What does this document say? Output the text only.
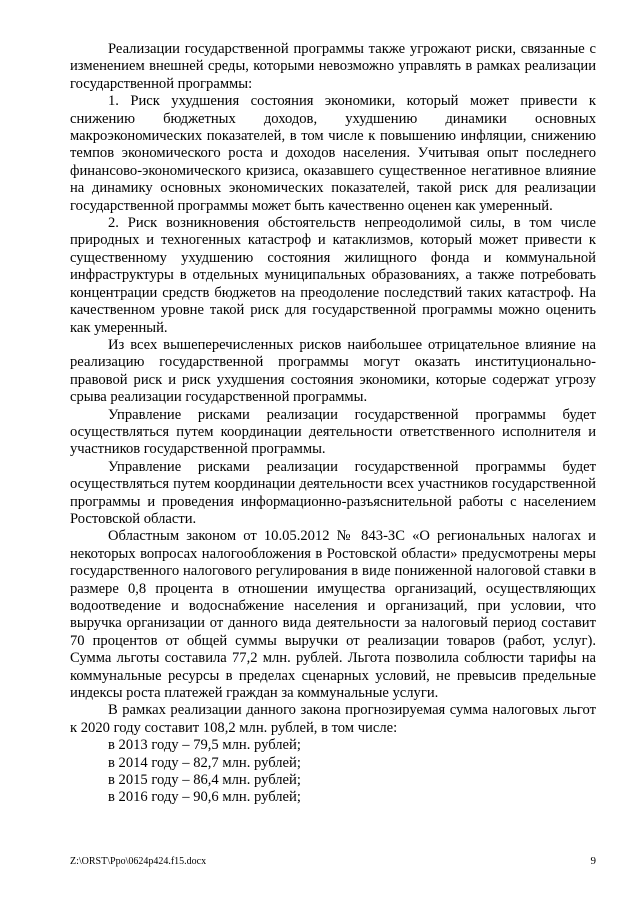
Реализации государственной программы также угрожают риски, связанные с изменением внешней среды, которыми невозможно управлять в рамках реализации государственной программы:

1. Риск ухудшения состояния экономики, который может привести к снижению бюджетных доходов, ухудшению динамики основных макроэкономических показателей, в том числе к повышению инфляции, снижению темпов экономического роста и доходов населения. Учитывая опыт последнего финансово-экономического кризиса, оказавшего существенное негативное влияние на динамику основных экономических показателей, такой риск для реализации государственной программы может быть качественно оценен как умеренный.

2. Риск возникновения обстоятельств непреодолимой силы, в том числе природных и техногенных катастроф и катаклизмов, который может привести к существенному ухудшению состояния жилищного фонда и коммунальной инфраструктуры в отдельных муниципальных образованиях, а также потребовать концентрации средств бюджетов на преодоление последствий таких катастроф. На качественном уровне такой риск для государственной программы можно оценить как умеренный.

Из всех вышеперечисленных рисков наибольшее отрицательное влияние на реализацию государственной программы могут оказать институционально-правовой риск и риск ухудшения состояния экономики, которые содержат угрозу срыва реализации государственной программы.

Управление рисками реализации государственной программы будет осуществляться путем координации деятельности ответственного исполнителя и участников государственной программы.

Управление рисками реализации государственной программы будет осуществляться путем координации деятельности всех участников государственной программы и проведения информационно-разъяснительной работы с населением Ростовской области.

Областным законом от 10.05.2012 № 843-ЗС «О региональных налогах и некоторых вопросах налогообложения в Ростовской области» предусмотрены меры государственного налогового регулирования в виде пониженной налоговой ставки в размере 0,8 процента в отношении имущества организаций, осуществляющих водоотведение и водоснабжение населения и организаций, при условии, что выручка организации от данного вида деятельности за налоговый период составит 70 процентов от общей суммы выручки от реализации товаров (работ, услуг). Сумма льготы составила 77,2 млн. рублей. Льгота позволила соблюсти тарифы на коммунальные ресурсы в пределах сценарных условий, не превысив предельные индексы роста платежей граждан за коммунальные услуги.

В рамках реализации данного закона прогнозируемая сумма налоговых льгот к 2020 году составит 108,2 млн. рублей, в том числе:

в 2013 году – 79,5 млн. рублей;

в 2014 году – 82,7 млн. рублей;

в 2015 году – 86,4 млн. рублей;

в 2016 году – 90,6 млн. рублей;

Z:\ORST\Ppo\0624p424.f15.docx	9
